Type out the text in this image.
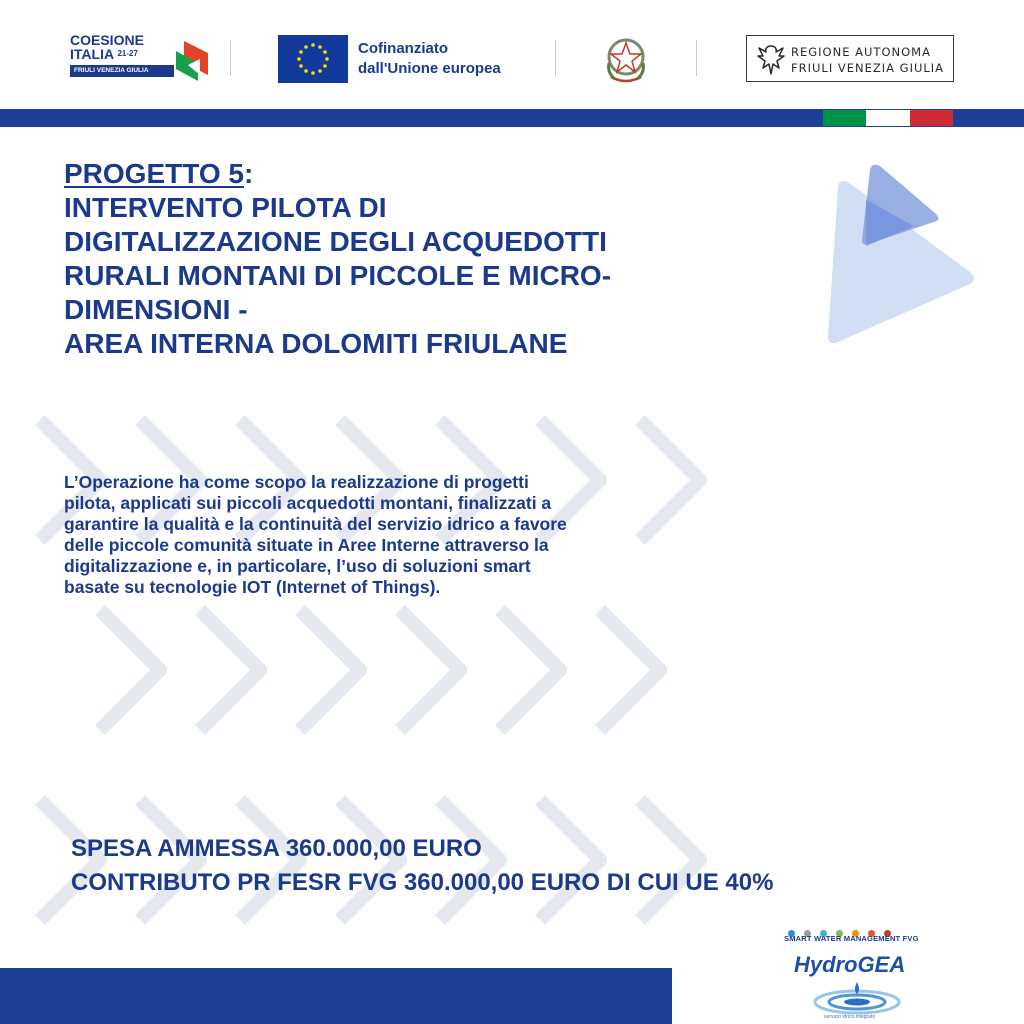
COESIONE
ITALIA $^{21-27}$
FRIULI VENEZIA GIULIA
Cofinanziato
dall'Unione europea
REGIONE AUTONOMA
FRIULI VENEZIA GIULIA
PROGETTO 5:
INTERVENTO PILOTA DI
DIGITALIZZAZIONE DEGLI ACQUEDOTTI
RURALI MONTANI DI PICCOLE E MICRO-
DIMENSIONI -
AREA INTERNA DOLOMITI FRIULANE
L’Operazione ha come scopo la realizzazione di progetti
pilota, applicati sui piccoli acquedotti montani, finalizzati a
garantire la qualità e la continuità del servizio idrico a favore
delle piccole comunità situate in Aree Interne attraverso la
digitalizzazione e, in particolare, l’uso di soluzioni smart
basate su tecnologie IOT (Internet of Things).
SPESA AMMESSA 360.000,00 EURO
CONTRIBUTO PR FESR FVG 360.000,00 EURO DI CUI UE 40%
SMART WATER MANAGEMENT FVG
HydroGEA
servizio idrico integrato
